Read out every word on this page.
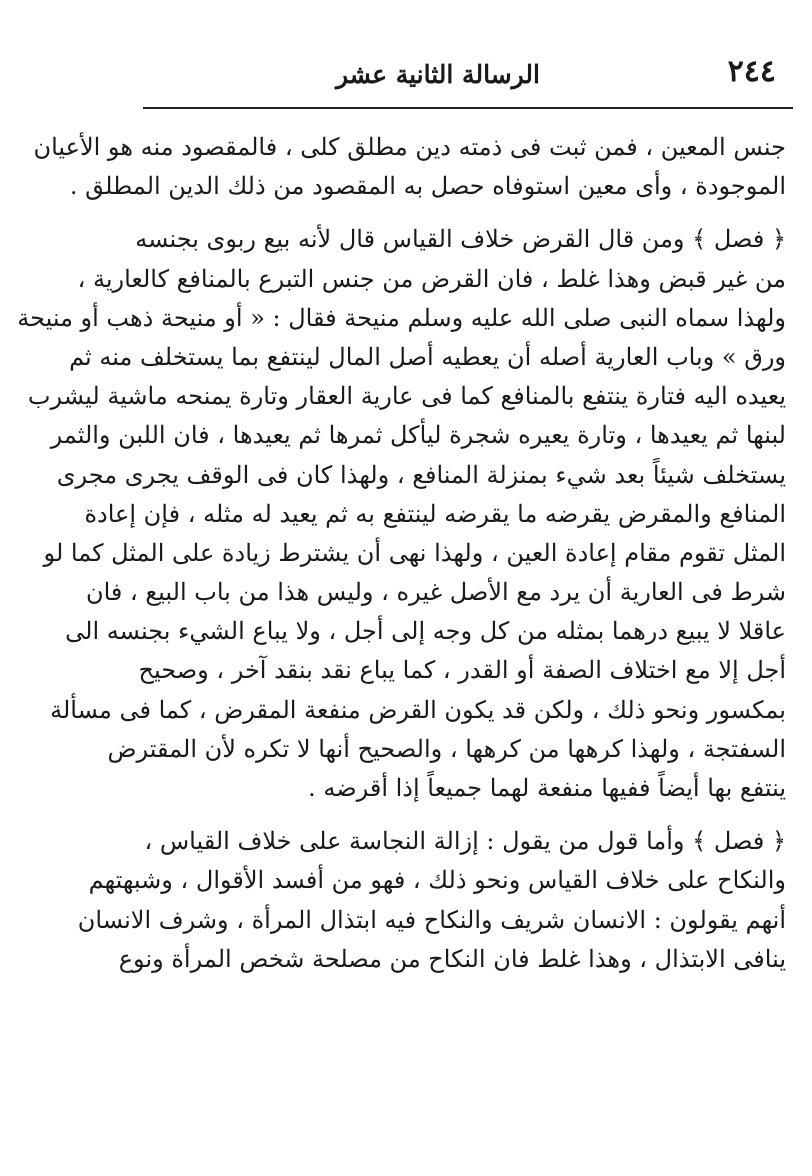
٢٤٤
الرسالة الثانية عشر
جنس المعين ، فمن ثبت فى ذمته دين مطلق كلى ، فالمقصود منه هو الأعيان
الموجودة ، وأى معين استوفاه حصل به المقصود من ذلك الدين المطلق .
﴿ فصل ﴾ ومن قال القرض خلاف القياس قال لأنه بيع ربوى بجنسه
من غير قبض وهذا غلط ، فان القرض من جنس التبرع بالمنافع كالعارية ،
ولهذا سماه النبى صلى الله عليه وسلم منيحة فقال : « أو منيحة ذهب أو منيحة
ورق » وباب العارية أصله أن يعطيه أصل المال لينتفع بما يستخلف منه ثم
يعيده اليه فتارة ينتفع بالمنافع كما فى عارية العقار وتارة يمنحه ماشية ليشرب
لبنها ثم يعيدها ، وتارة يعيره شجرة ليأكل ثمرها ثم يعيدها ، فان اللبن والثمر
يستخلف شيئاً بعد شيء بمنزلة المنافع ، ولهذا كان فى الوقف يجرى مجرى
المنافع والمقرض يقرضه ما يقرضه لينتفع به ثم يعيد له مثله ، فإن إعادة
المثل تقوم مقام إعادة العين ، ولهذا نهى أن يشترط زيادة على المثل كما لو
شرط فى العارية أن يرد مع الأصل غيره ، وليس هذا من باب البيع ، فان
عاقلا لا يبيع درهما بمثله من كل وجه إلى أجل ، ولا يباع الشيء بجنسه الى
أجل إلا مع اختلاف الصفة أو القدر ، كما يباع نقد بنقد آخر ، وصحيح
بمكسور ونحو ذلك ، ولكن قد يكون القرض منفعة المقرض ، كما فى مسألة
السفتجة ، ولهذا كرهها من كرهها ، والصحيح أنها لا تكره لأن المقترض
ينتفع بها أيضاً ففيها منفعة لهما جميعاً إذا أقرضه .
﴿ فصل ﴾ وأما قول من يقول : إزالة النجاسة على خلاف القياس ،
والنكاح على خلاف القياس ونحو ذلك ، فهو من أفسد الأقوال ، وشبهتهم
أنهم يقولون : الانسان شريف والنكاح فيه ابتذال المرأة ، وشرف الانسان
ينافى الابتذال ، وهذا غلط فان النكاح من مصلحة شخص المرأة ونوع
